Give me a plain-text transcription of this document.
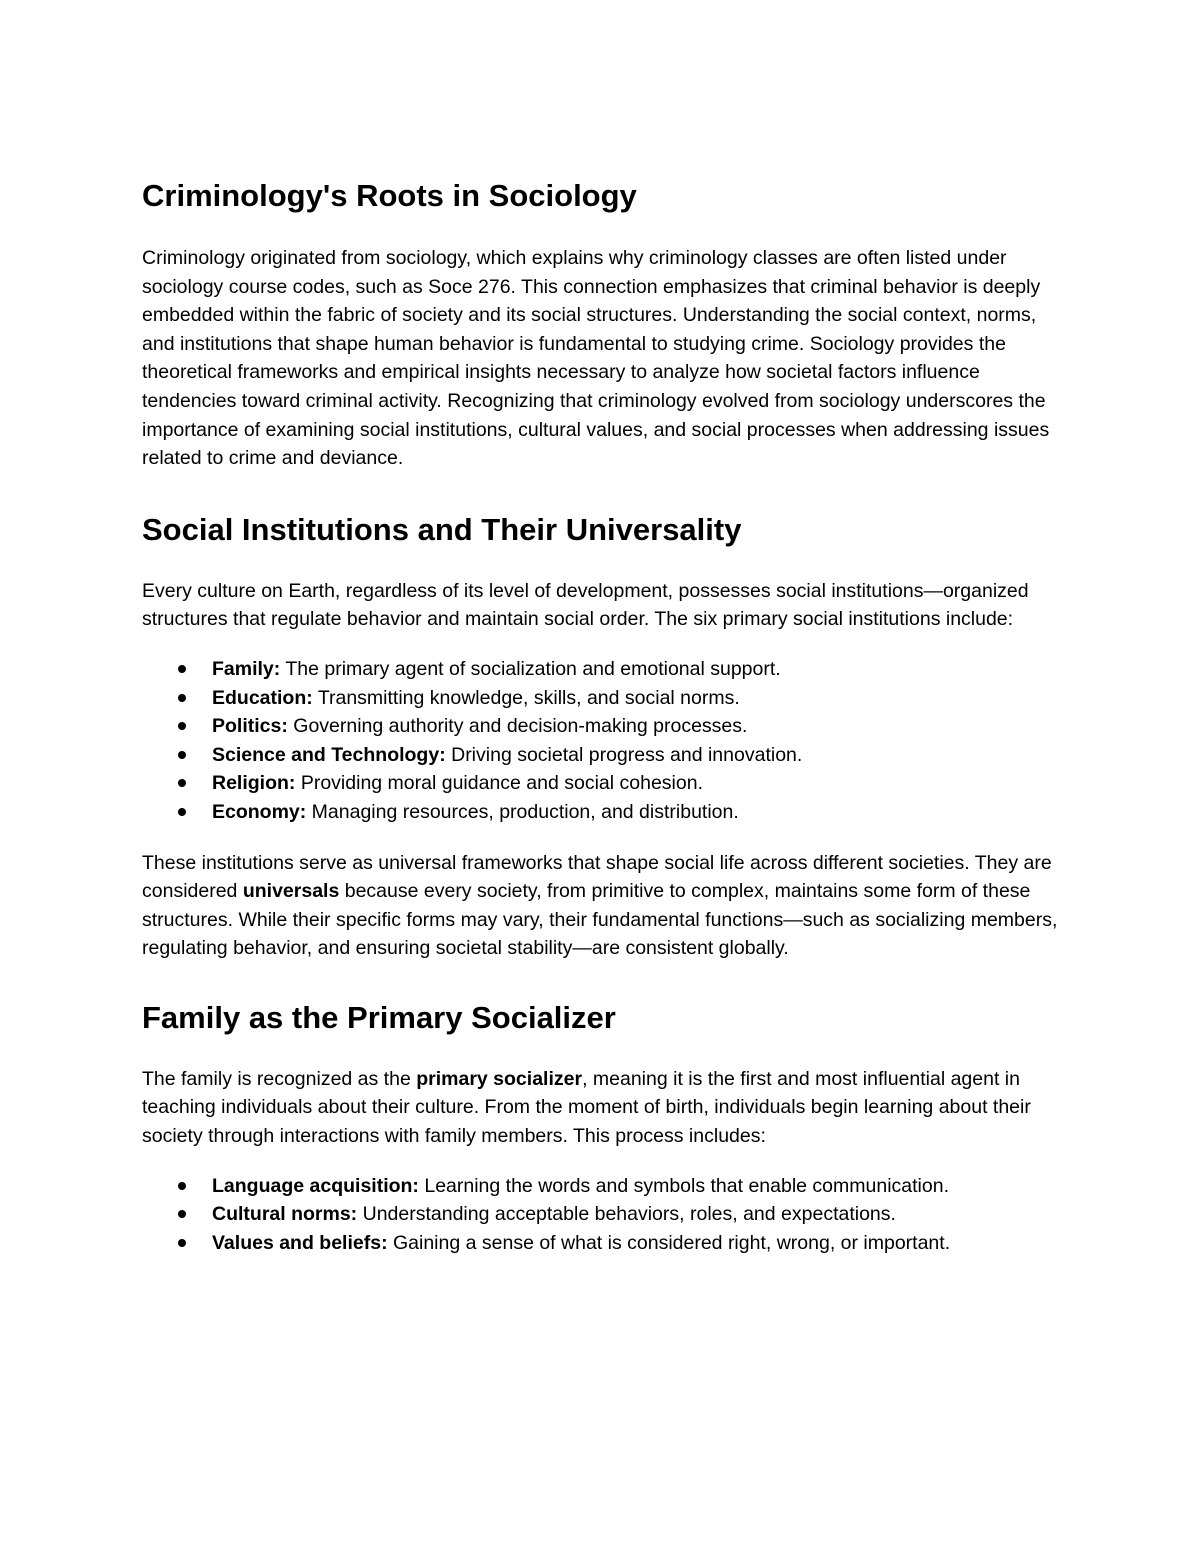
Criminology's Roots in Sociology

Criminology originated from sociology, which explains why criminology classes are often listed under sociology course codes, such as Soce 276. This connection emphasizes that criminal behavior is deeply embedded within the fabric of society and its social structures. Understanding the social context, norms, and institutions that shape human behavior is fundamental to studying crime. Sociology provides the theoretical frameworks and empirical insights necessary to analyze how societal factors influence tendencies toward criminal activity. Recognizing that criminology evolved from sociology underscores the importance of examining social institutions, cultural values, and social processes when addressing issues related to crime and deviance.

Social Institutions and Their Universality

Every culture on Earth, regardless of its level of development, possesses social institutions—organized structures that regulate behavior and maintain social order. The six primary social institutions include:

Family: The primary agent of socialization and emotional support.
Education: Transmitting knowledge, skills, and social norms.
Politics: Governing authority and decision-making processes.
Science and Technology: Driving societal progress and innovation.
Religion: Providing moral guidance and social cohesion.
Economy: Managing resources, production, and distribution.

These institutions serve as universal frameworks that shape social life across different societies. They are considered universals because every society, from primitive to complex, maintains some form of these structures. While their specific forms may vary, their fundamental functions—such as socializing members, regulating behavior, and ensuring societal stability—are consistent globally.

Family as the Primary Socializer

The family is recognized as the primary socializer, meaning it is the first and most influential agent in teaching individuals about their culture. From the moment of birth, individuals begin learning about their society through interactions with family members. This process includes:

Language acquisition: Learning the words and symbols that enable communication.
Cultural norms: Understanding acceptable behaviors, roles, and expectations.
Values and beliefs: Gaining a sense of what is considered right, wrong, or important.
